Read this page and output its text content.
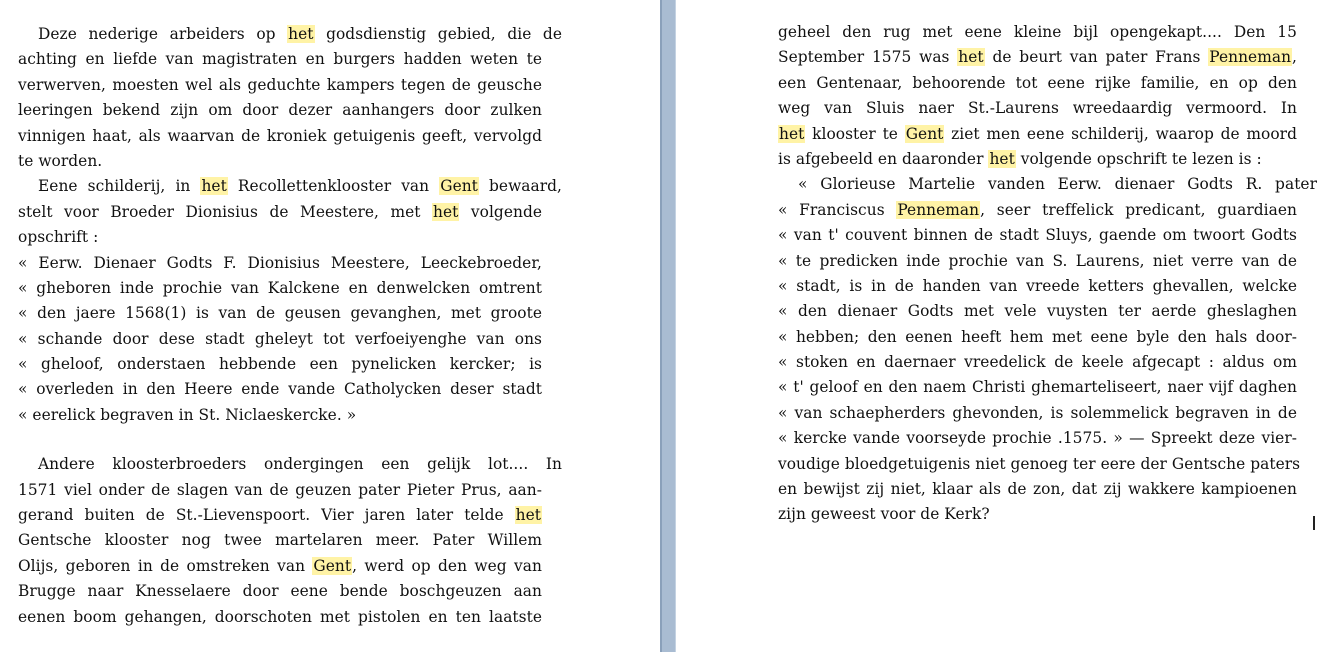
Deze nederige arbeiders op het godsdienstig gebied, die de
achting en liefde van magistraten en burgers hadden weten te
verwerven, moesten wel als geduchte kampers tegen de geusche
leeringen bekend zijn om door dezer aanhangers door zulken
vinnigen haat, als waarvan de kroniek getuigenis geeft, vervolgd
te worden.
Eene schilderij, in het Recollettenklooster van Gent bewaard,
stelt voor Broeder Dionisius de Meestere, met het volgende
opschrift :
« Eerw. Dienaer Godts F. Dionisius Meestere, Leeckebroeder,
« gheboren inde prochie van Kalckene en denwelcken omtrent
« den jaere 1568(1) is van de geusen gevanghen, met groote
« schande door dese stadt gheleyt tot verfoeiyenghe van ons
« gheloof, onderstaen hebbende een pynelicken kercker; is
« overleden in den Heere ende vande Catholycken deser stadt
« eerelick begraven in St. Niclaeskercke. »
Andere kloosterbroeders ondergingen een gelijk lot.... In
1571 viel onder de slagen van de geuzen pater Pieter Prus, aan-
gerand buiten de St.-Lievenspoort. Vier jaren later telde het
Gentsche klooster nog twee martelaren meer. Pater Willem
Olijs, geboren in de omstreken van Gent, werd op den weg van
Brugge naar Knesselaere door eene bende boschgeuzen aan
eenen boom gehangen, doorschoten met pistolen en ten laatste
geheel den rug met eene kleine bijl opengekapt.... Den 15
September 1575 was het de beurt van pater Frans Penneman,
een Gentenaar, behoorende tot eene rijke familie, en op den
weg van Sluis naer St.-Laurens wreedaardig vermoord. In
het klooster te Gent ziet men eene schilderij, waarop de moord
is afgebeeld en daaronder het volgende opschrift te lezen is :
« Glorieuse Martelie vanden Eerw. dienaer Godts R. pater
« Franciscus Penneman, seer treffelick predicant, guardiaen
« van t' couvent binnen de stadt Sluys, gaende om twoort Godts
« te predicken inde prochie van S. Laurens, niet verre van de
« stadt, is in de handen van vreede ketters ghevallen, welcke
« den dienaer Godts met vele vuysten ter aerde gheslaghen
« hebben; den eenen heeft hem met eene byle den hals door-
« stoken en daernaer vreedelick de keele afgecapt : aldus om
« t' geloof en den naem Christi ghemarteliseert, naer vijf daghen
« van schaepherders ghevonden, is solemmelick begraven in de
« kercke vande voorseyde prochie .1575. » — Spreekt deze vier-
voudige bloedgetuigenis niet genoeg ter eere der Gentsche paters
en bewijst zij niet, klaar als de zon, dat zij wakkere kampioenen
zijn geweest voor de Kerk?
